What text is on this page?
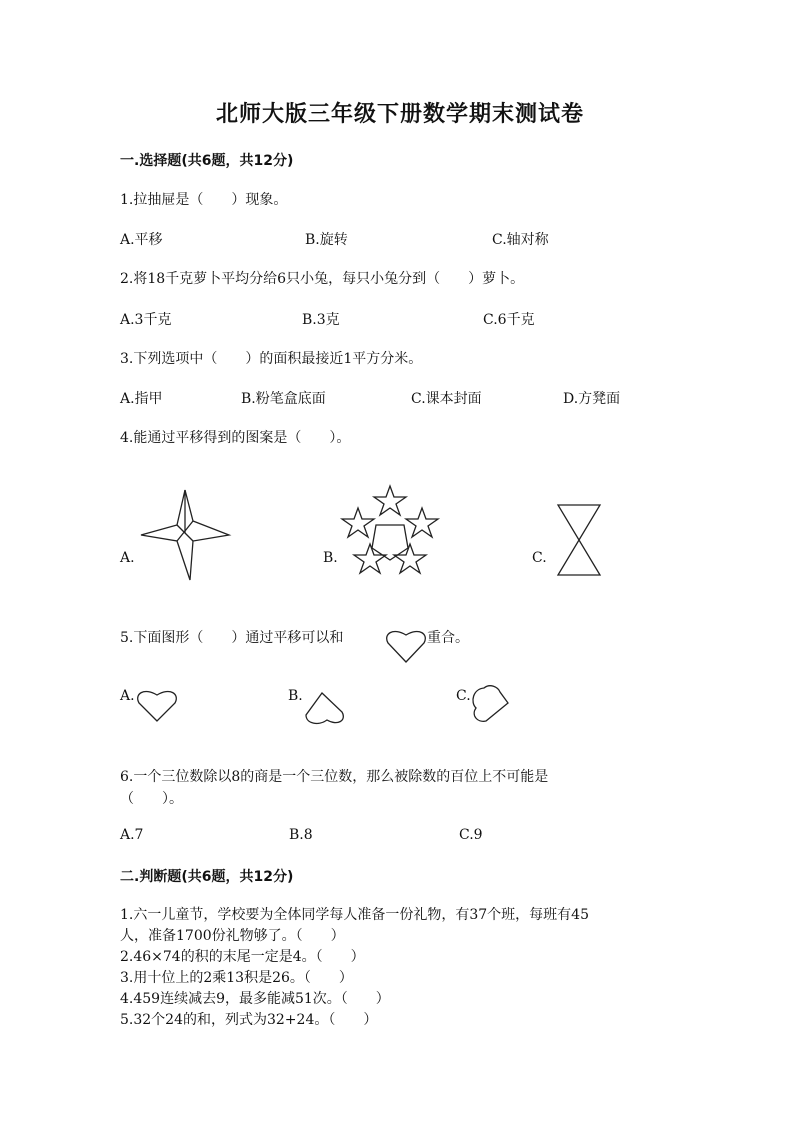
北师大版三年级下册数学期末测试卷
一.选择题(共6题，共12分)
1.拉抽屉是（　　）现象。
A.平移	B.旋转	C.轴对称
2.将18千克萝卜平均分给6只小兔，每只小兔分到（　　）萝卜。
A.3千克	B.3克	C.6千克
3.下列选项中（　　）的面积最接近1平方分米。
A.指甲	B.粉笔盒底面	C.课本封面	D.方凳面
4.能通过平移得到的图案是（　　）。
A.	B.	C.
5.下面图形（　　）通过平移可以和	重合。
A.	B.	C.
6.一个三位数除以8的商是一个三位数，那么被除数的百位上不可能是
（　　）。
A.7	B.8	C.9
二.判断题(共6题，共12分)
1.六一儿童节，学校要为全体同学每人准备一份礼物，有37个班，每班有45
人，准备1700份礼物够了。（　　）
2.46×74的积的末尾一定是4。（　　）
3.用十位上的2乘13积是26。（　　）
4.459连续减去9，最多能减51次。（　　）
5.32个24的和，列式为32+24。（　　）
